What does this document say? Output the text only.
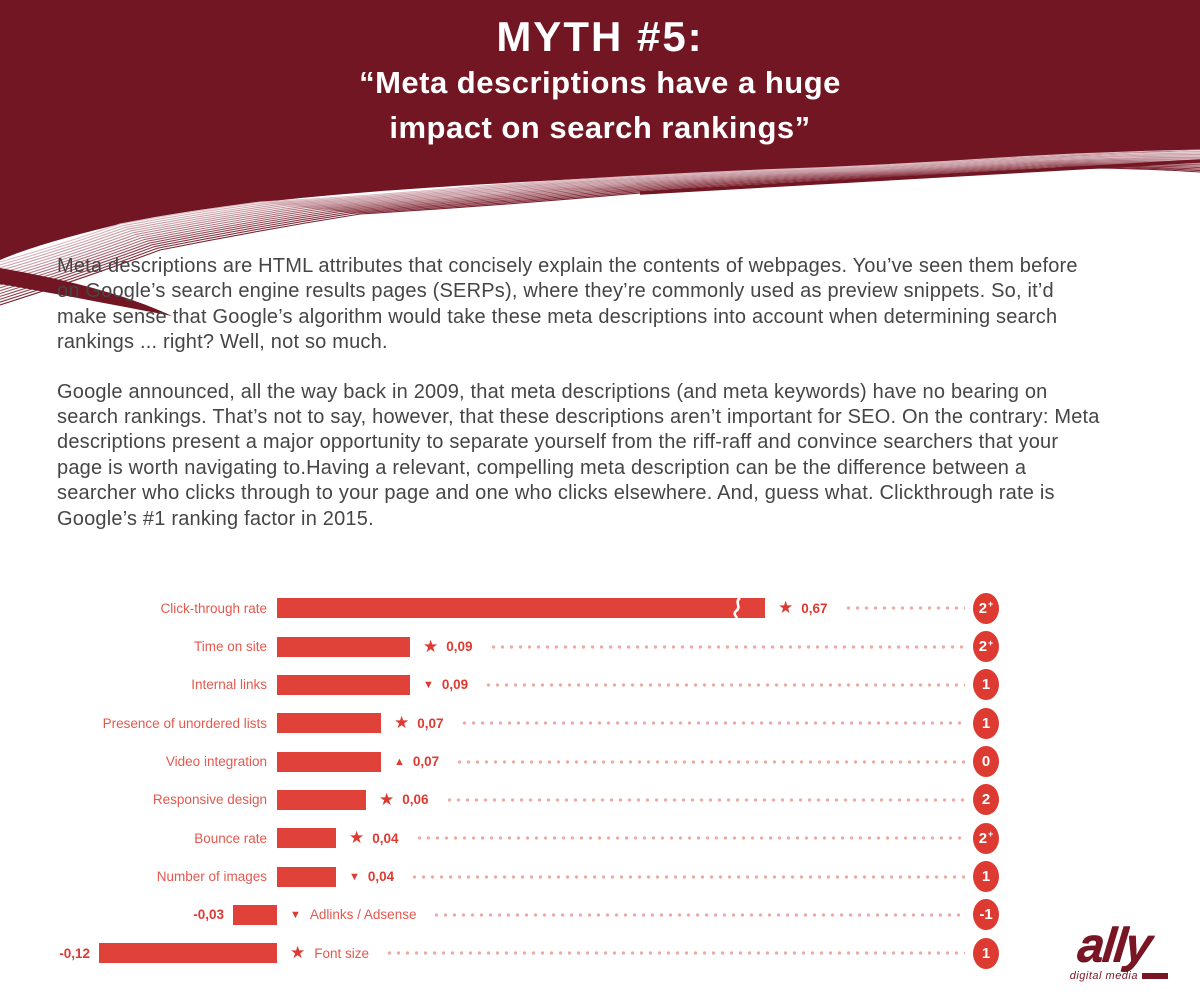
MYTH #5:
“Meta descriptions have a huge
impact on search rankings”

Meta descriptions are HTML attributes that concisely explain the contents of webpages. You’ve seen them before on Google’s search engine results pages (SERPs), where they’re commonly used as preview snippets. So, it’d make sense that Google’s algorithm would take these meta descriptions into account when determining search rankings ... right? Well, not so much.

Google announced, all the way back in 2009, that meta descriptions (and meta keywords) have no bearing on search rankings. That’s not to say, however, that these descriptions aren’t important for SEO. On the contrary: Meta descriptions present a major opportunity to separate yourself from the riff-raff and convince searchers that your page is worth navigating to.Having a relevant, compelling meta description can be the difference between a searcher who clicks through to your page and one who clicks elsewhere. And, guess what. Clickthrough rate is Google’s #1 ranking factor in 2015.

Click-through rate	★ 0,67	2+
Time on site	★ 0,09	2+
Internal links	▼ 0,09	1
Presence of unordered lists	★ 0,07	1
Video integration	▲ 0,07	0
Responsive design	★ 0,06	2
Bounce rate	★ 0,04	2+
Number of images	▼ 0,04	1
-0,03	▼ Adlinks / Adsense	-1
-0,12	★ Font size	1	ally
digital media
